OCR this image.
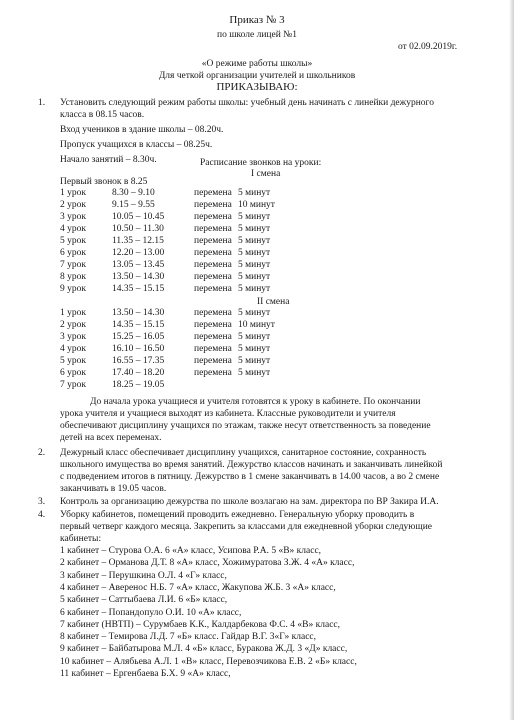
Приказ № 3
по школе лицей №1
от 02.09.2019г.
«О режиме работы школы»
Для четкой организации учителей и школьников
ПРИКАЗЫВАЮ:
1. Установить следующий режим работы школы: учебный день начинать с линейки дежурного
класса в 08.15 часов.
Вход учеников в здание школы – 08.20ч.
Пропуск учащихся в классы – 08.25ч.
Начало занятий – 8.30ч.	Расписание звонков на уроки:
I смена
Первый звонок в 8.25
1 урок	8.30 – 9.10	перемена 5 минут
2 урок	9.15 – 9.55	перемена 10 минут
3 урок	10.05 – 10.45	перемена 5 минут
4 урок	10.50 – 11.30	перемена 5 минут
5 урок	11.35 – 12.15	перемена 5 минут
6 урок	12.20 – 13.00	перемена 5 минут
7 урок	13.05 – 13.45	перемена 5 минут
8 урок	13.50 – 14.30	перемена 5 минут
9 урок	14.35 – 15.15	перемена 5 минут
II смена
1 урок	13.50 – 14.30	перемена 5 минут
2 урок	14.35 – 15.15	перемена 10 минут
3 урок	15.25 – 16.05	перемена 5 минут
4 урок	16.10 – 16.50	перемена 5 минут
5 урок	16.55 – 17.35	перемена 5 минут
6 урок	17.40 – 18.20	перемена 5 минут
7 урок	18.25 – 19.05
До начала урока учащиеся и учителя готовятся к уроку в кабинете. По окончании
урока учителя и учащиеся выходят из кабинета. Классные руководители и учителя
обеспечивают дисциплину учащихся по этажам, также несут ответственность за поведение
детей на всех переменах.
2. Дежурный класс обеспечивает дисциплину учащихся, санитарное состояние, сохранность
школьного имущества во время занятий. Дежурство классов начинать и заканчивать линейкой
с подведением итогов в пятницу. Дежурство в 1 смене заканчивать в 14.00 часов, а во 2 смене
заканчивать в 19.05 часов.
3. Контроль за организацию дежурства по школе возлагаю на зам. директора по ВР Закира И.А.
4. Уборку кабинетов, помещений проводить ежедневно. Генеральную уборку проводить в
первый четверг каждого месяца. Закрепить за классами для ежедневной уборки следующие
кабинеты:
1 кабинет – Стурова О.А. 6 «А» класс, Усипова Р.А. 5 «В» класс,
2 кабинет – Орманова Д.Т. 8 «А» класс, Хожимуратова З.Ж. 4 «А» класс,
3 кабинет – Перушкина О.Л. 4 «Г» класс,
4 кабинет – Аверенос Н.Б. 7 «А» класс, Жакупова Ж.Б. 3 «А» класс,
5 кабинет – Саттыбаева Л.И. 6 «Б» класс,
6 кабинет – Попандопуло О.И. 10 «А» класс,
7 кабинет (НВТП) – Сурумбаев К.К., Калдарбекова Ф.С. 4 «В» класс,
8 кабинет – Темирова Л.Д. 7 «Б» класс. Гайдар В.Г. 3«Г» класс,
9 кабинет – Байбатырова М.Л. 4 «Б» класс, Буракова Ж.Д. 3 «Д» класс,
10 кабинет – Алябьева А.Л. 1 «В» класс, Перевозчикова Е.В. 2 «Б» класс,
11 кабинет – Ергенбаева Б.Х. 9 «А» класс,
